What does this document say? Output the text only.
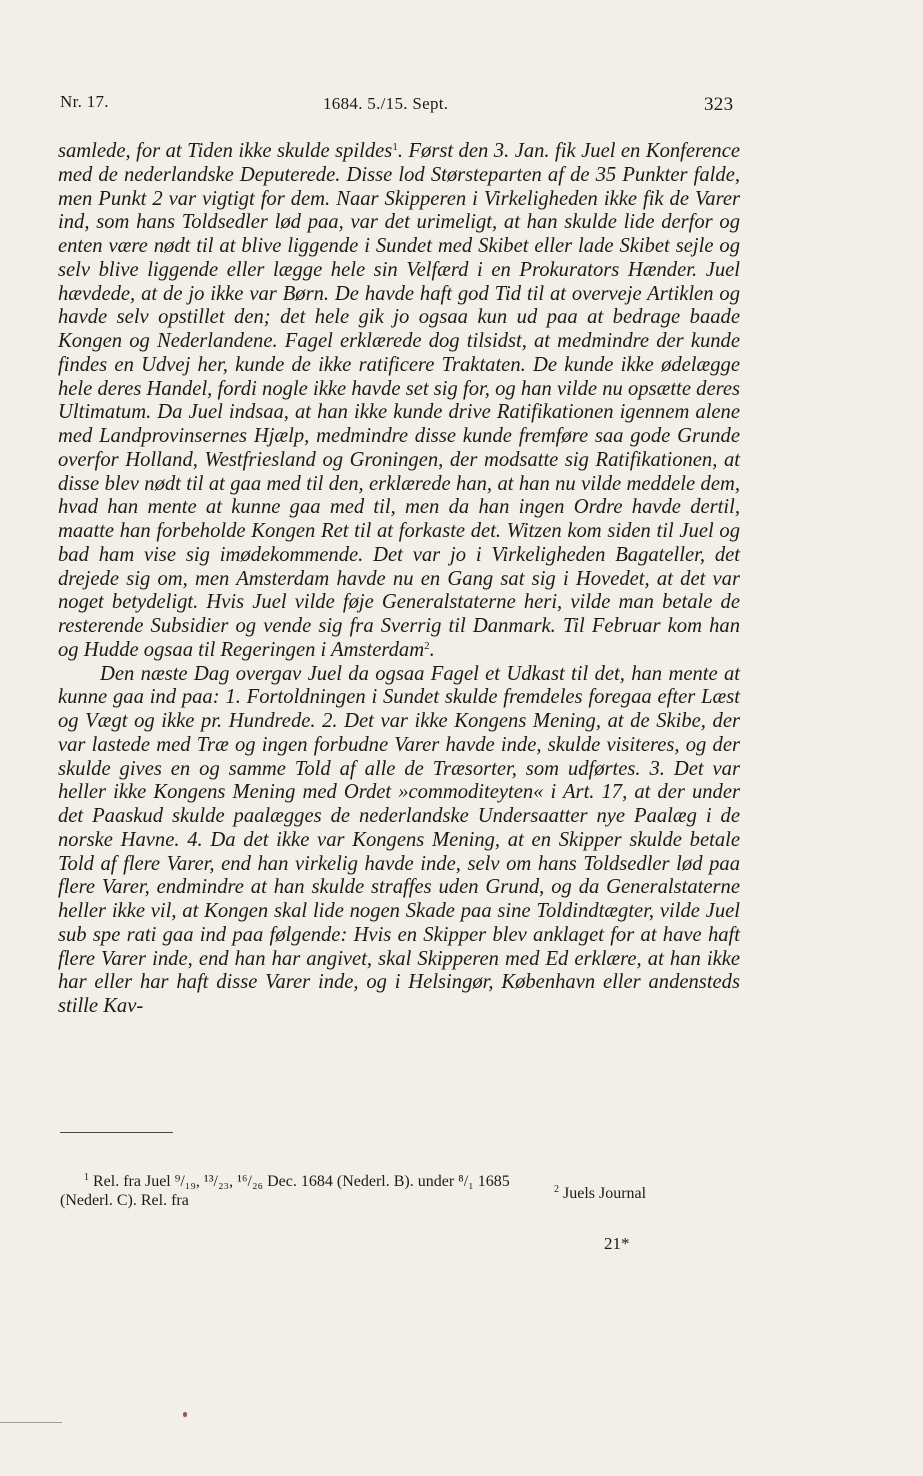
Nr. 17.	1684. 5./15. Sept.	323

samlede, for at Tiden ikke skulde spildes$^1$. Først den 3. Jan. fik Juel en Konference med de nederlandske Deputerede. Disse lod Størsteparten af de 35 Punkter falde, men Punkt 2 var vigtigt for dem. Naar Skipperen i Virkeligheden ikke fik de Varer ind, som hans Toldsedler lød paa, var det urimeligt, at han skulde lide derfor og enten være nødt til at blive liggende i Sundet med Skibet eller lade Skibet sejle og selv blive liggende eller lægge hele sin Velfærd i en Prokurators Hænder. Juel hævdede, at de jo ikke var Børn. De havde haft god Tid til at overveje Artiklen og havde selv opstillet den; det hele gik jo ogsaa kun ud paa at bedrage baade Kongen og Nederlandene. Fagel erklærede dog tilsidst, at medmindre der kunde findes en Udvej her, kunde de ikke ratificere Traktaten. De kunde ikke ødelægge hele deres Handel, fordi nogle ikke havde set sig for, og han vilde nu opsætte deres Ultimatum. Da Juel indsaa, at han ikke kunde drive Ratifikationen igennem alene med Landprovinsernes Hjælp, medmindre disse kunde fremføre saa gode Grunde overfor Holland, Westfriesland og Groningen, der modsatte sig Ratifikationen, at disse blev nødt til at gaa med til den, erklærede han, at han nu vilde meddele dem, hvad han mente at kunne gaa med til, men da han ingen Ordre havde dertil, maatte han forbeholde Kongen Ret til at forkaste det. Witzen kom siden til Juel og bad ham vise sig imødekommende. Det var jo i Virkeligheden Bagateller, det drejede sig om, men Amsterdam havde nu en Gang sat sig i Hovedet, at det var noget betydeligt. Hvis Juel vilde føje Generalstaterne heri, vilde man betale de resterende Subsidier og vende sig fra Sverrig til Danmark. Til Februar kom han og Hudde ogsaa til Regeringen i Amsterdam$^2$.

Den næste Dag overgav Juel da ogsaa Fagel et Udkast til det, han mente at kunne gaa ind paa: 1. Fortoldningen i Sundet skulde fremdeles foregaa efter Læst og Vægt og ikke pr. Hundrede. 2. Det var ikke Kongens Mening, at de Skibe, der var lastede med Træ og ingen forbudne Varer havde inde, skulde visiteres, og der skulde gives en og samme Told af alle de Træsorter, som udførtes. 3. Det var heller ikke Kongens Mening med Ordet »commoditeyten« i Art. 17, at der under det Paaskud skulde paalægges de nederlandske Undersaatter nye Paalæg i de norske Havne. 4. Da det ikke var Kongens Mening, at en Skipper skulde betale Told af flere Varer, end han virkelig havde inde, selv om hans Toldsedler lød paa flere Varer, endmindre at han skulde straffes uden Grund, og da Generalstaterne heller ikke vil, at Kongen skal lide nogen Skade paa sine Toldindtægter, vilde Juel sub spe rati gaa ind paa følgende: Hvis en Skipper blev anklaget for at have haft flere Varer inde, end han har angivet, skal Skipperen med Ed erklære, at han ikke har eller har haft disse Varer inde, og i Helsingør, København eller andensteds stille Kav-

$^1$ Rel. fra Juel ⁹/₁₉, ¹³/₂₃, ¹⁶/₂₆ Dec. 1684 (Nederl. B). under ⁸/₁ 1685 (Nederl. C). Rel. fra
$^2$ Juels Journal
21*
